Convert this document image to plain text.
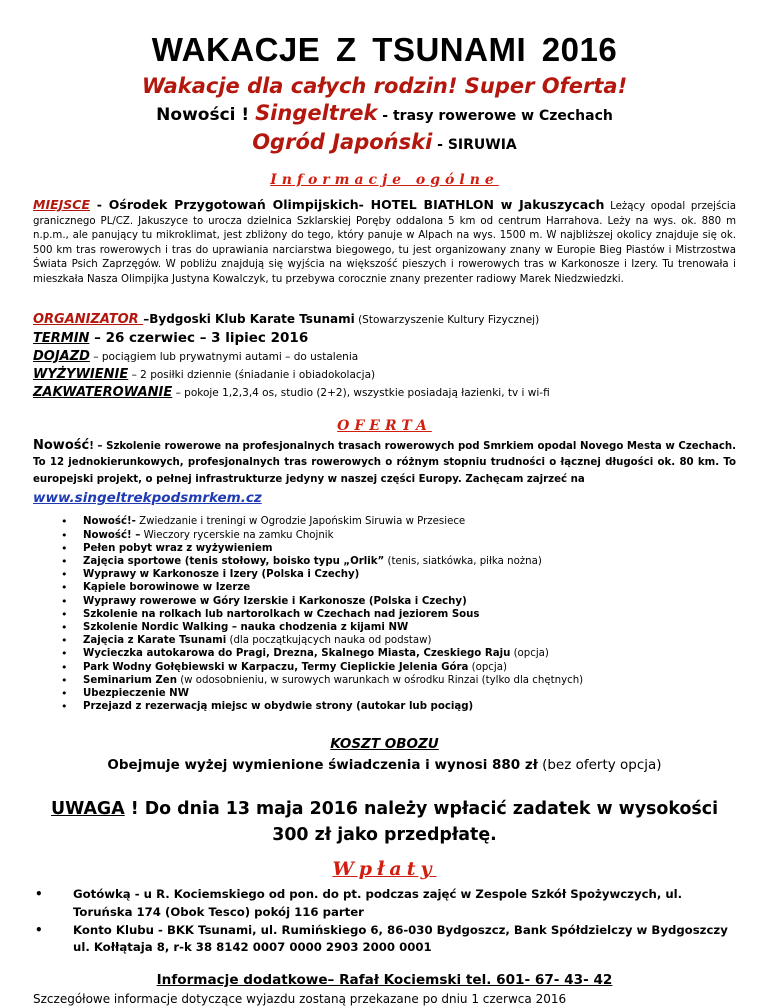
WAKACJE Z TSUNAMI 2016

Wakacje dla całych rodzin! Super Oferta!

Nowości ! Singeltrek - trasy rowerowe w Czechach

Ogród Japoński - SIRUWIA

Informacje ogólne

MIEJSCE - Ośrodek Przygotowań Olimpijskich- HOTEL BIATHLON w Jakuszycach Leżący opodal przejścia granicznego PL/CZ. Jakuszyce to urocza dzielnica Szklarskiej Poręby oddalona 5 km od centrum Harrahova. Leży na wys. ok. 880 m n.p.m., ale panujący tu mikroklimat, jest zbliżony do tego, który panuje w Alpach na wys. 1500 m. W najbliższej okolicy znajduje się ok. 500 km tras rowerowych i tras do uprawiania narciarstwa biegowego, tu jest organizowany znany w Europie Bieg Piastów i Mistrzostwa Świata Psich Zaprzęgów. W pobliżu znajdują się wyjścia na większość pieszych i rowerowych tras w Karkonosze i Izery. Tu trenowała i mieszkała Nasza Olimpijka Justyna Kowalczyk, tu przebywa corocznie znany prezenter radiowy Marek Niedzwiedzki.

ORGANIZATOR –Bydgoski Klub Karate Tsunami (Stowarzyszenie Kultury Fizycznej)

TERMIN – 26 czerwiec – 3 lipiec 2016

DOJAZD – pociągiem lub prywatnymi autami – do ustalenia

WYŻYWIENIE – 2 posiłki dziennie (śniadanie i obiadokolacja)

ZAKWATEROWANIE – pokoje 1,2,3,4 os, studio (2+2), wszystkie posiadają łazienki, tv i wi-fi

OFERTA

Nowość! – Szkolenie rowerowe na profesjonalnych trasach rowerowych pod Smrkiem opodal Novego Mesta w Czechach. To 12 jednokierunkowych, profesjonalnych tras rowerowych o różnym stopniu trudności o łącznej długości ok. 80 km. To europejski projekt, o pełnej infrastrukturze jedyny w naszej części Europy. Zachęcam zajrzeć na

www.singeltrekpodsmrkem.cz

• Nowość!- Zwiedzanie i treningi w Ogrodzie Japońskim Siruwia w Przesiece
• Nowość! – Wieczory rycerskie na zamku Chojnik
• Pełen pobyt wraz z wyżywieniem
• Zajęcia sportowe (tenis stołowy, boisko typu „Orlik” (tenis, siatkówka, piłka nożna)
• Wyprawy w Karkonosze i Izery (Polska i Czechy)
• Kąpiele borowinowe w Izerze
• Wyprawy rowerowe w Góry Izerskie i Karkonosze (Polska i Czechy)
• Szkolenie na rolkach lub nartorolkach w Czechach nad jeziorem Sous
• Szkolenie Nordic Walking – nauka chodzenia z kijami NW
• Zajęcia z Karate Tsunami (dla początkujących nauka od podstaw)
• Wycieczka autokarowa do Pragi, Drezna, Skalnego Miasta, Czeskiego Raju (opcja)
• Park Wodny Gołębiewski w Karpaczu, Termy Cieplickie Jelenia Góra (opcja)
• Seminarium Zen (w odosobnieniu, w surowych warunkach w ośrodku Rinzai (tylko dla chętnych)
• Ubezpieczenie NW
• Przejazd z rezerwacją miejsc w obydwie strony (autokar lub pociąg)

KOSZT OBOZU

Obejmuje wyżej wymienione świadczenia i wynosi 880 zł (bez oferty opcja)

UWAGA ! Do dnia 13 maja 2016 należy wpłacić zadatek w wysokości 300 zł jako przedpłatę.

Wpłaty

• Gotówką - u R. Kociemskiego od pon. do pt. podczas zajęć w Zespole Szkół Spożywczych, ul. Toruńska 174 (Obok Tesco) pokój 116 parter
• Konto Klubu - BKK Tsunami, ul. Rumińskiego 6, 86-030 Bydgoszcz, Bank Spółdzielczy w Bydgoszczy ul. Kołłątaja 8, r-k 38 8142 0007 0000 2903 2000 0001

Informacje dodatkowe– Rafał Kociemski tel. 601- 67- 43- 42

Szczegółowe informacje dotyczące wyjazdu zostaną przekazane po dniu 1 czerwca 2016
